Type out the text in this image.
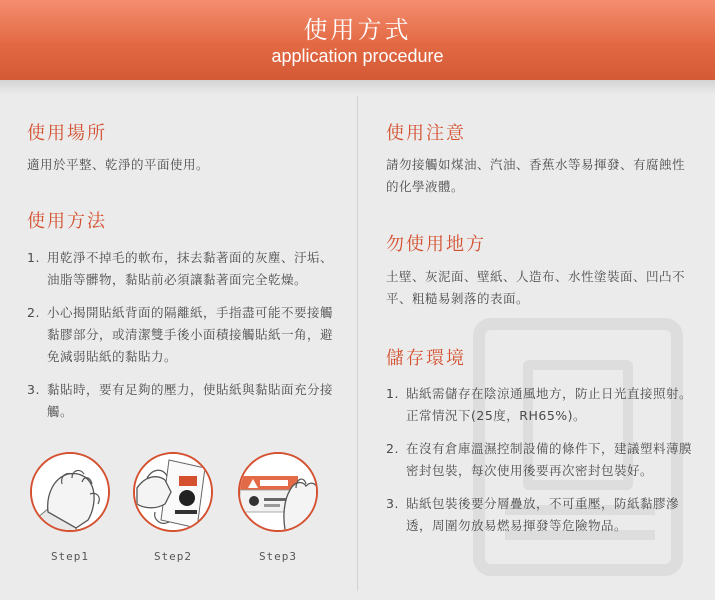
使用方式
application procedure
使用場所
適用於平整、乾淨的平面使用。
使用方法
1. 用乾淨不掉毛的軟布，抹去黏著面的灰塵、汙垢、油脂等髒物，黏貼前必須讓黏著面完全乾燥。
2. 小心揭開貼紙背面的隔離紙，手指盡可能不要接觸黏膠部分，或清潔雙手後小面積接觸貼紙一角，避免減弱貼紙的黏貼力。
3. 黏貼時，要有足夠的壓力，使貼紙與黏貼面充分接觸。
Step1	Step2	Step3
使用注意
請勿接觸如煤油、汽油、香蕉水等易揮發、有腐蝕性的化學液體。
勿使用地方
土壁、灰泥面、壁紙、人造布、水性塗裝面、凹凸不平、粗糙易剝落的表面。
儲存環境
1. 貼紙需儲存在陰涼通風地方，防止日光直接照射。正常情況下(25度，RH65%)。
2. 在沒有倉庫溫濕控制設備的條件下，建議塑料薄膜密封包裝，每次使用後要再次密封包裝好。
3. 貼紙包裝後要分層疊放，不可重壓，防紙黏膠滲透，周圍勿放易燃易揮發等危險物品。
